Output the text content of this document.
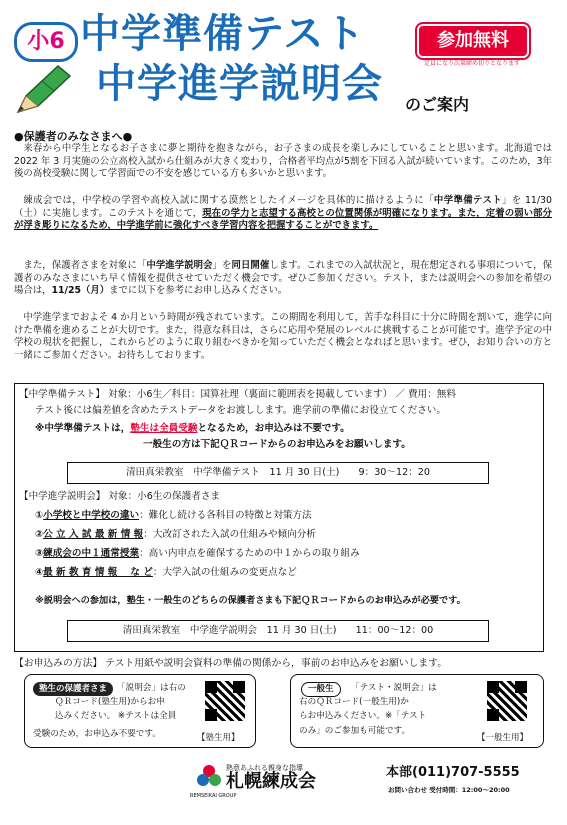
小6 中学準備テスト
中学進学説明会 のご案内
参加無料
定員になり次第締め切りとなります
●保護者のみなさまへ●
来春から中学生となるお子さまに夢と期待を抱きながら，お子さまの成長を楽しみにしていることと思います。北海道では 2022 年 3 月実施の公立高校入試から仕組みが大きく変わり，合格者平均点が5割を下回る入試が続いています。このため，3年後の高校受験に関して学習面での不安を感じている方も多いかと思います。
練成会では，中学校の学習や高校入試に関する漠然としたイメージを具体的に描けるように「中学準備テスト」を 11/30（土）に実施します。このテストを通じて，現在の学力と志望する高校との位置関係が明確になります。また，定着の弱い部分が浮き彫りになるため，中学進学前に強化すべき学習内容を把握することができます。
また，保護者さまを対象に「中学進学説明会」を同日開催します。これまでの入試状況と，現在想定される事項について，保護者のみなさまにいち早く情報を提供させていただく機会です。ぜひご参加ください。テスト，または説明会への参加を希望の場合は，11/25（月）までに以下を参考にお申し込みください。
中学進学までおよそ 4 か月という時間が残されています。この期間を利用して，苦手な科目に十分に時間を割いて，進学に向けた準備を進めることが大切です。また，得意な科目は，さらに応用や発展のレベルに挑戦することが可能です。進学予定の中学校の現状を把握し，これからどのように取り組むべきかを知っていただく機会となればと思います。ぜひ，お知り合いの方と一緒にご参加ください。お待ちしております。
【中学準備テスト】 対象：小6生／科目：国算社理（裏面に範囲表を掲載しています） ／ 費用：無料
テスト後には偏差値を含めたテストデータをお渡しします。進学前の準備にお役立てください。
※中学準備テストは，塾生は全員受験となるため，お申込みは不要です。
一般生の方は下記ＱＲコードからのお申込みをお願いします。
清田真栄教室　中学準備テスト　11 月 30 日(土)　　9：30～12：20
【中学進学説明会】 対象：小6生の保護者さま
①小学校と中学校の違い：難化し続ける各科目の特徴と対策方法
②公 立 入 試 最 新 情 報：大改訂された入試の仕組みや傾向分析
③練成会の中１通常授業：高い内申点を確保するための中１からの取り組み
④最 新 教 育 情 報　 な ど：大学入試の仕組みの変更点など
※説明会への参加は，塾生・一般生のどちらの保護者さまも下記ＱＲコードからのお申込みが必要です。
清田真栄教室　中学進学説明会　11 月 30 日(土)　　11：00～12：00
【お申込みの方法】 テスト用紙や説明会資料の準備の関係から，事前のお申込みをお願いします。
塾生の保護者さま	「説明会」は右の
ＱＲコード(塾生用)からお申
込みください。 ※テストは全員
受験のため，お申込み不要です。	【塾生用】
一般生	「テスト・説明会」は
右のＱＲコード(一般生用)か
らお申込みください。※「テスト
のみ」のご参加も可能です。
【一般生用】
熱意あふれる親身な指導
REMSEIKAI GROUP
札幌練成会	本部(011)707-5555
お問い合わせ 受付時間：12:00～20:00
